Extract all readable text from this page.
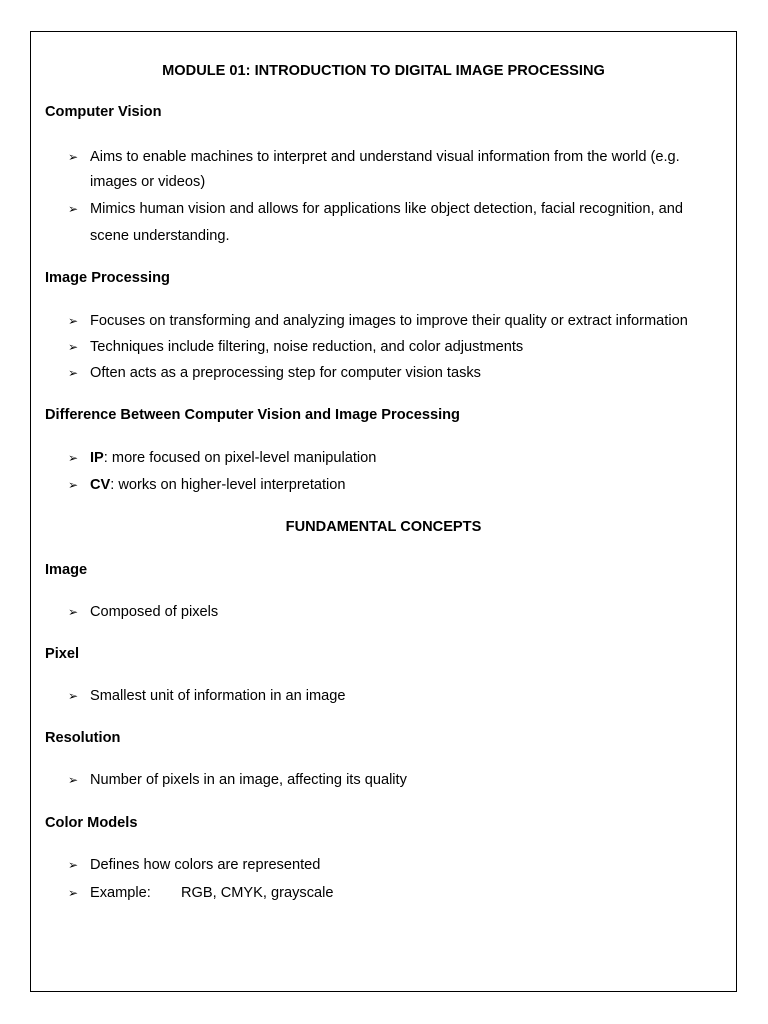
MODULE 01: INTRODUCTION TO DIGITAL IMAGE PROCESSING
Computer Vision
➢ Aims to enable machines to interpret and understand visual information from the world (e.g.
images or videos)
➢ Mimics human vision and allows for applications like object detection, facial recognition, and
scene understanding.
Image Processing
➢ Focuses on transforming and analyzing images to improve their quality or extract information
➢ Techniques include filtering, noise reduction, and color adjustments
➢ Often acts as a preprocessing step for computer vision tasks
Difference Between Computer Vision and Image Processing
➢ IP: more focused on pixel-level manipulation
➢ CV: works on higher-level interpretation
FUNDAMENTAL CONCEPTS
Image
➢ Composed of pixels
Pixel
➢ Smallest unit of information in an image
Resolution
➢ Number of pixels in an image, affecting its quality
Color Models
➢ Defines how colors are represented
➢ Example: RGB, CMYK, grayscale
